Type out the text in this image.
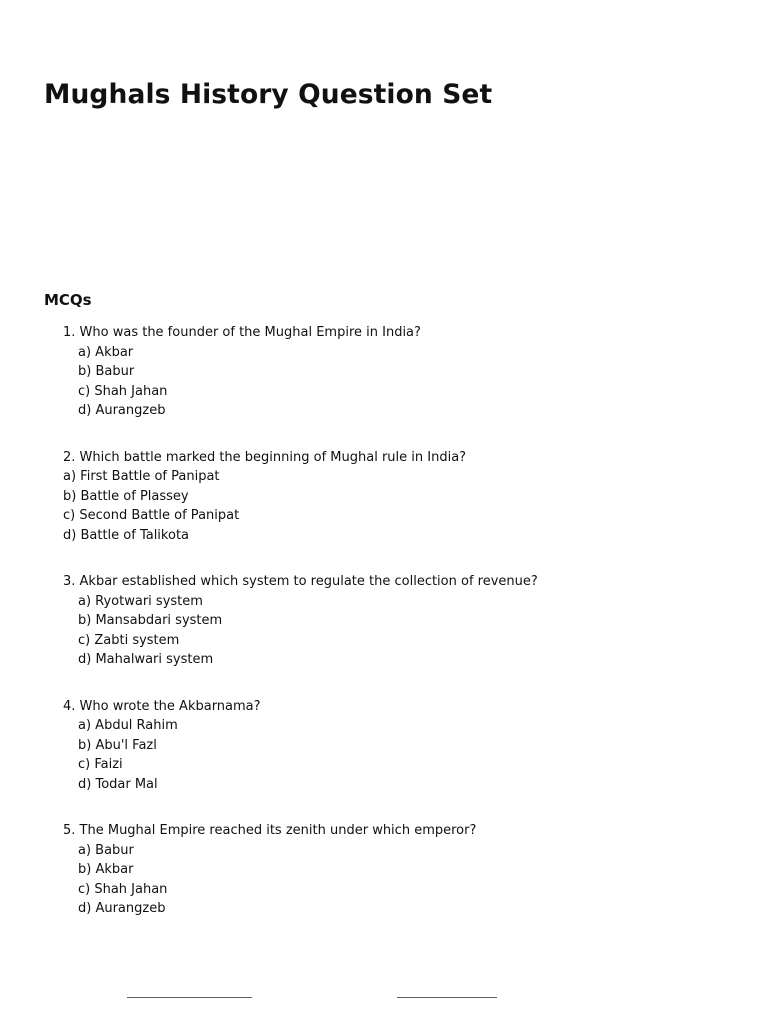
Mughals History Question Set
MCQs
1. Who was the founder of the Mughal Empire in India?
a) Akbar
b) Babur
c) Shah Jahan
d) Aurangzeb
2. Which battle marked the beginning of Mughal rule in India?
a) First Battle of Panipat
b) Battle of Plassey
c) Second Battle of Panipat
d) Battle of Talikota
3. Akbar established which system to regulate the collection of revenue?
a) Ryotwari system
b) Mansabdari system
c) Zabti system
d) Mahalwari system
4. Who wrote the Akbarnama?
a) Abdul Rahim
b) Abu'l Fazl
c) Faizi
d) Todar Mal
5. The Mughal Empire reached its zenith under which emperor?
a) Babur
b) Akbar
c) Shah Jahan
d) Aurangzeb
